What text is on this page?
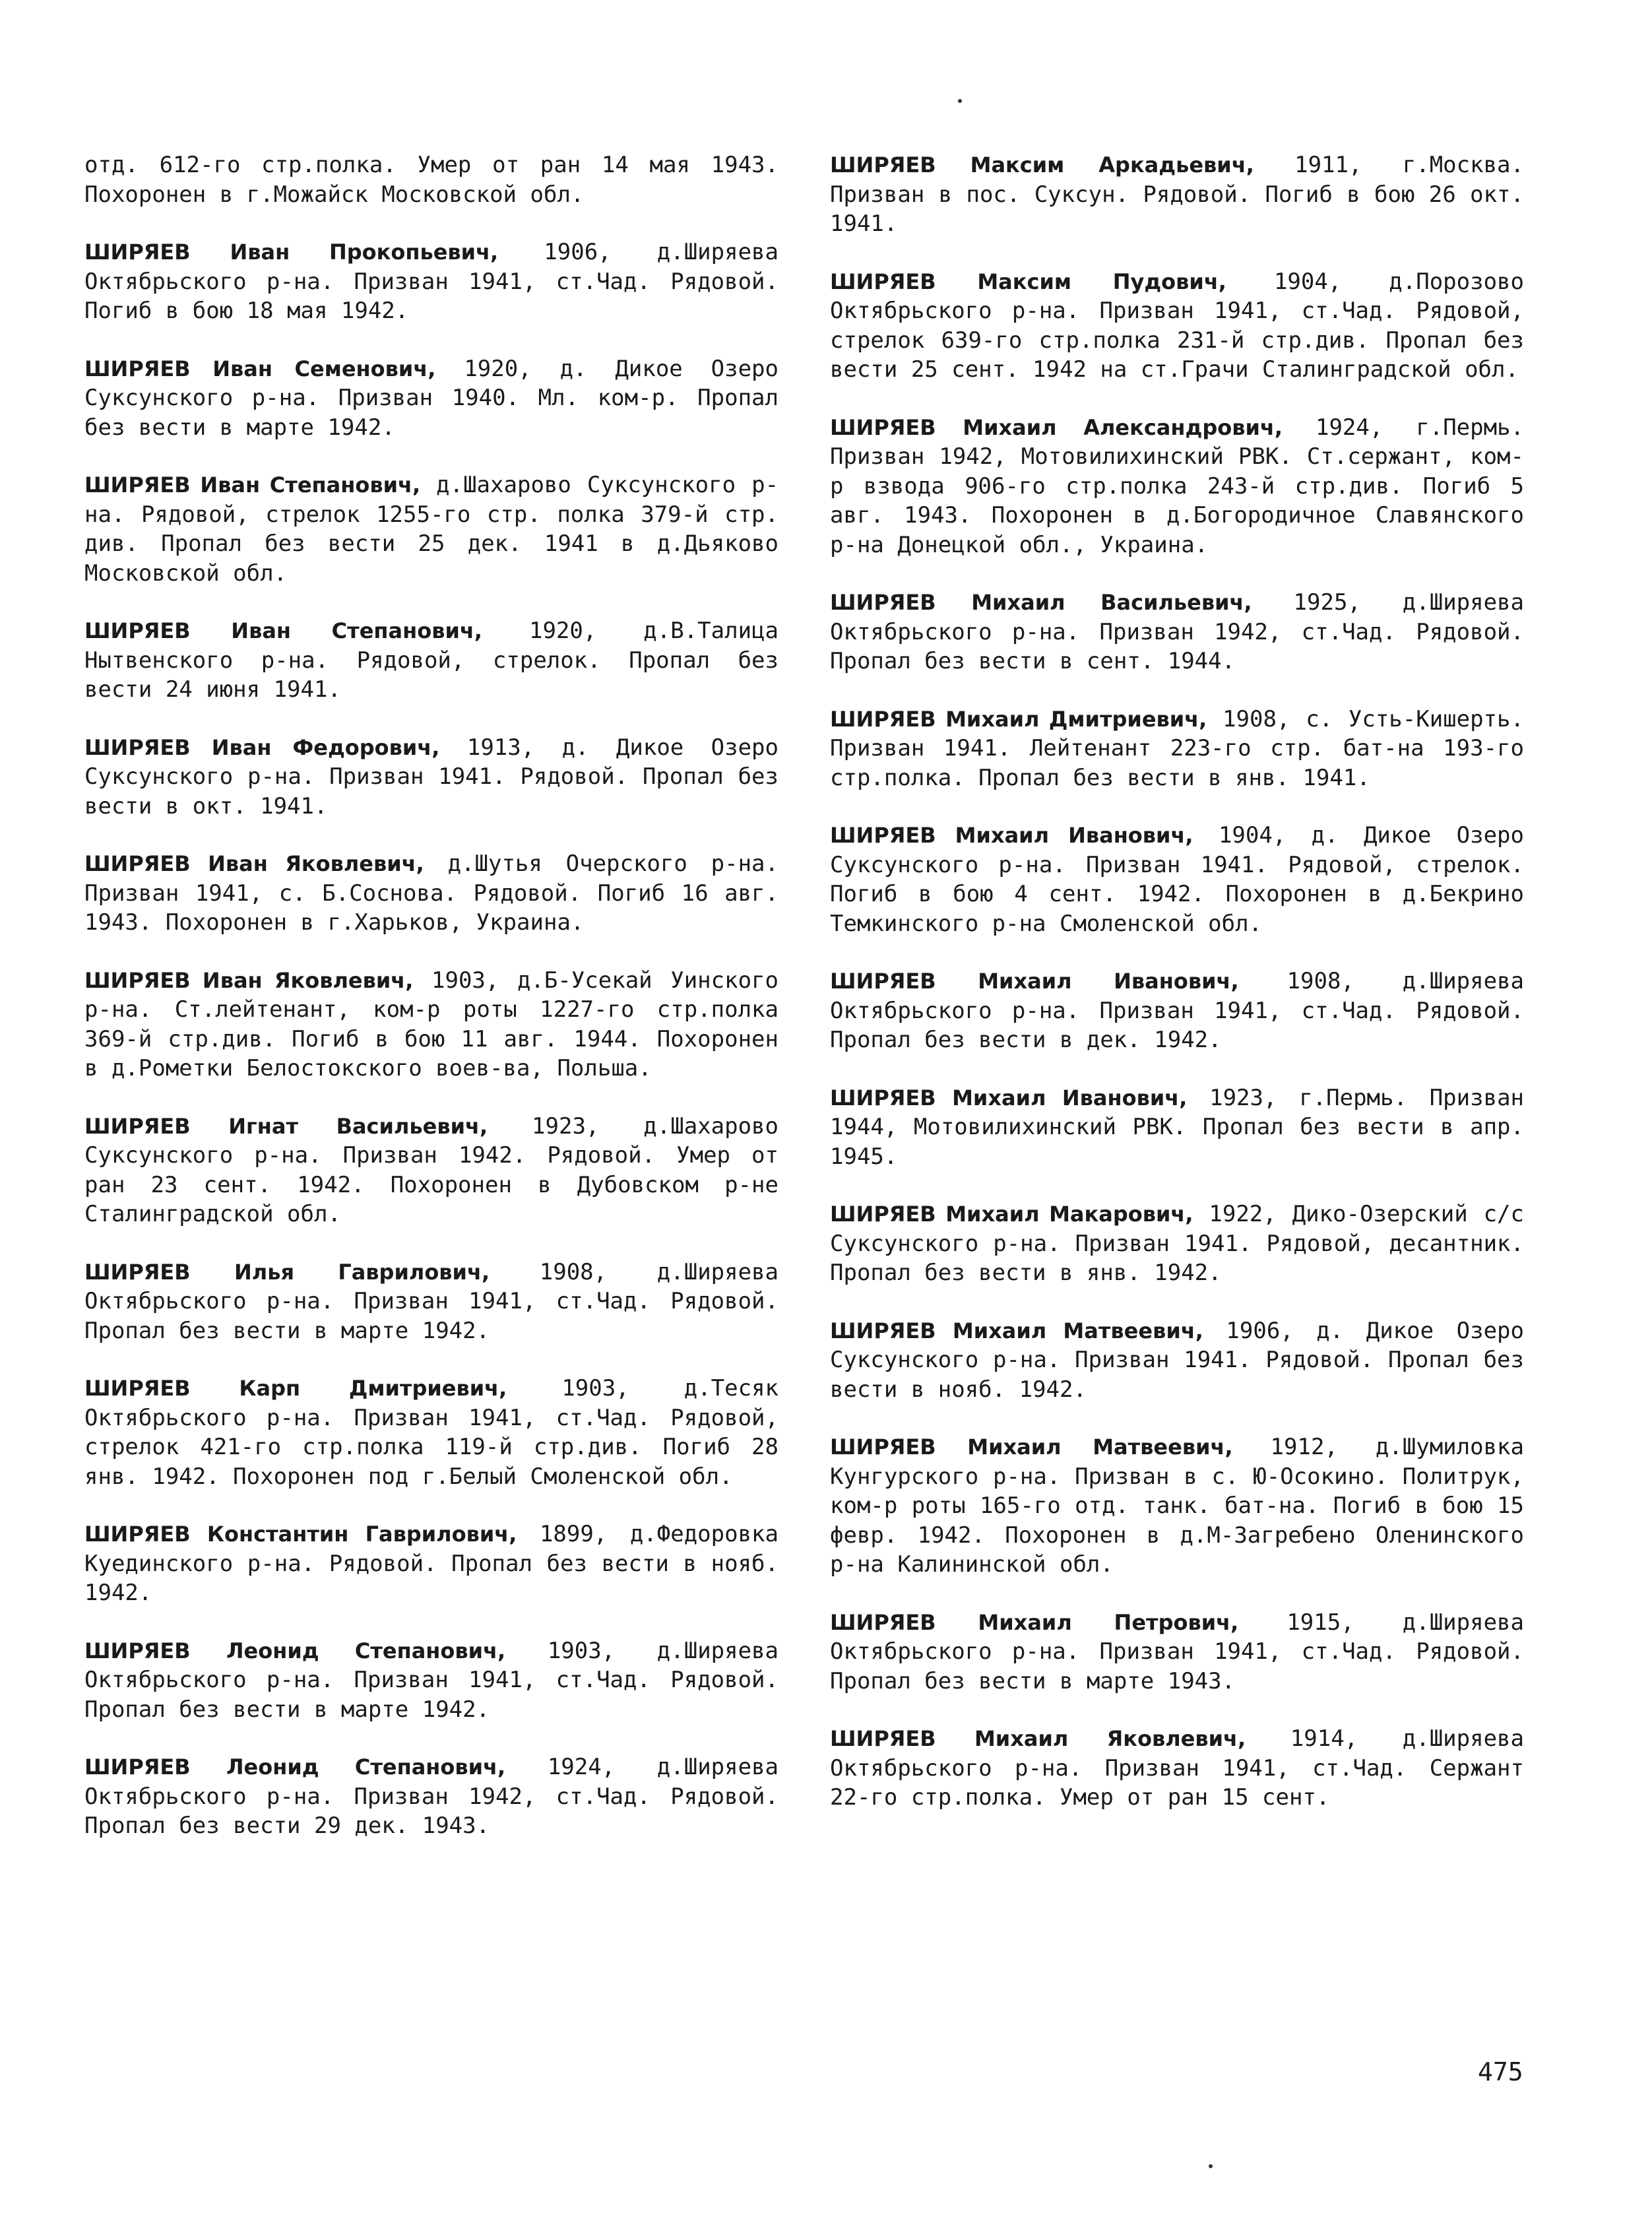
отд. 612-го стр.полка. Умер от ран 14 мая 1943. Похоронен в г.Можайск Московской обл.

ШИРЯЕВ Иван Прокопьевич, 1906, д.Ширяева Октябрьского р-на. Призван 1941, ст.Чад. Рядовой. Погиб в бою 18 мая 1942.

ШИРЯЕВ Иван Семенович, 1920, д. Дикое Озеро Суксунского р-на. Призван 1940. Мл. ком-р. Пропал без вести в марте 1942.

ШИРЯЕВ Иван Степанович, д.Шахарово Суксунского р-на. Рядовой, стрелок 1255-го стр. полка 379-й стр. див. Пропал без вести 25 дек. 1941 в д.Дьяково Московской обл.

ШИРЯЕВ Иван Степанович, 1920, д.В.Талица Нытвенского р-на. Рядовой, стрелок. Пропал без вести 24 июня 1941.

ШИРЯЕВ Иван Федорович, 1913, д. Дикое Озеро Суксунского р-на. Призван 1941. Рядовой. Пропал без вести в окт. 1941.

ШИРЯЕВ Иван Яковлевич, д.Шутья Очерского р-на. Призван 1941, с. Б.Соснова. Рядовой. Погиб 16 авг. 1943. Похоронен в г.Харьков, Украина.

ШИРЯЕВ Иван Яковлевич, 1903, д.Б-Усекай Уинского р-на. Ст.лейтенант, ком-р роты 1227-го стр.полка 369-й стр.див. Погиб в бою 11 авг. 1944. Похоронен в д.Рометки Белостокского воев-ва, Польша.

ШИРЯЕВ Игнат Васильевич, 1923, д.Шахарово Суксунского р-на. Призван 1942. Рядовой. Умер от ран 23 сент. 1942. Похоронен в Дубовском р-не Сталинградской обл.

ШИРЯЕВ Илья Гаврилович, 1908, д.Ширяева Октябрьского р-на. Призван 1941, ст.Чад. Рядовой. Пропал без вести в марте 1942.

ШИРЯЕВ Карп Дмитриевич, 1903, д.Тесяк Октябрьского р-на. Призван 1941, ст.Чад. Рядовой, стрелок 421-го стр.полка 119-й стр.див. Погиб 28 янв. 1942. Похоронен под г.Белый Смоленской обл.

ШИРЯЕВ Константин Гаврилович, 1899, д.Федоровка Куединского р-на. Рядовой. Пропал без вести в нояб. 1942.

ШИРЯЕВ Леонид Степанович, 1903, д.Ширяева Октябрьского р-на. Призван 1941, ст.Чад. Рядовой. Пропал без вести в марте 1942.

ШИРЯЕВ Леонид Степанович, 1924, д.Ширяева Октябрьского р-на. Призван 1942, ст.Чад. Рядовой. Пропал без вести 29 дек. 1943.

ШИРЯЕВ Максим Аркадьевич, 1911, г.Москва. Призван в пос. Суксун. Рядовой. Погиб в бою 26 окт. 1941.

ШИРЯЕВ Максим Пудович, 1904, д.Порозово Октябрьского р-на. Призван 1941, ст.Чад. Рядовой, стрелок 639-го стр.полка 231-й стр.див. Пропал без вести 25 сент. 1942 на ст.Грачи Сталинградской обл.

ШИРЯЕВ Михаил Александрович, 1924, г.Пермь. Призван 1942, Мотовилихинский РВК. Ст.сержант, ком-р взвода 906-го стр.полка 243-й стр.див. Погиб 5 авг. 1943. Похоронен в д.Богородичное Славянского р-на Донецкой обл., Украина.

ШИРЯЕВ Михаил Васильевич, 1925, д.Ширяева Октябрьского р-на. Призван 1942, ст.Чад. Рядовой. Пропал без вести в сент. 1944.

ШИРЯЕВ Михаил Дмитриевич, 1908, с. Усть-Кишерть. Призван 1941. Лейтенант 223-го стр. бат-на 193-го стр.полка. Пропал без вести в янв. 1941.

ШИРЯЕВ Михаил Иванович, 1904, д. Дикое Озеро Суксунского р-на. Призван 1941. Рядовой, стрелок. Погиб в бою 4 сент. 1942. Похоронен в д.Бекрино Темкинского р-на Смоленской обл.

ШИРЯЕВ Михаил Иванович, 1908, д.Ширяева Октябрьского р-на. Призван 1941, ст.Чад. Рядовой. Пропал без вести в дек. 1942.

ШИРЯЕВ Михаил Иванович, 1923, г.Пермь. Призван 1944, Мотовилихинский РВК. Пропал без вести в апр. 1945.

ШИРЯЕВ Михаил Макарович, 1922, Дико-Озерский с/с Суксунского р-на. Призван 1941. Рядовой, десантник. Пропал без вести в янв. 1942.

ШИРЯЕВ Михаил Матвеевич, 1906, д. Дикое Озеро Суксунского р-на. Призван 1941. Рядовой. Пропал без вести в нояб. 1942.

ШИРЯЕВ Михаил Матвеевич, 1912, д.Шумиловка Кунгурского р-на. Призван в с. Ю-Осокино. Политрук, ком-р роты 165-го отд. танк. бат-на. Погиб в бою 15 февр. 1942. Похоронен в д.М-Загребено Оленинского р-на Калининской обл.

ШИРЯЕВ Михаил Петрович, 1915, д.Ширяева Октябрьского р-на. Призван 1941, ст.Чад. Рядовой. Пропал без вести в марте 1943.

ШИРЯЕВ Михаил Яковлевич, 1914, д.Ширяева Октябрьского р-на. Призван 1941, ст.Чад. Сержант 22-го стр.полка. Умер от ран 15 сент.

475
